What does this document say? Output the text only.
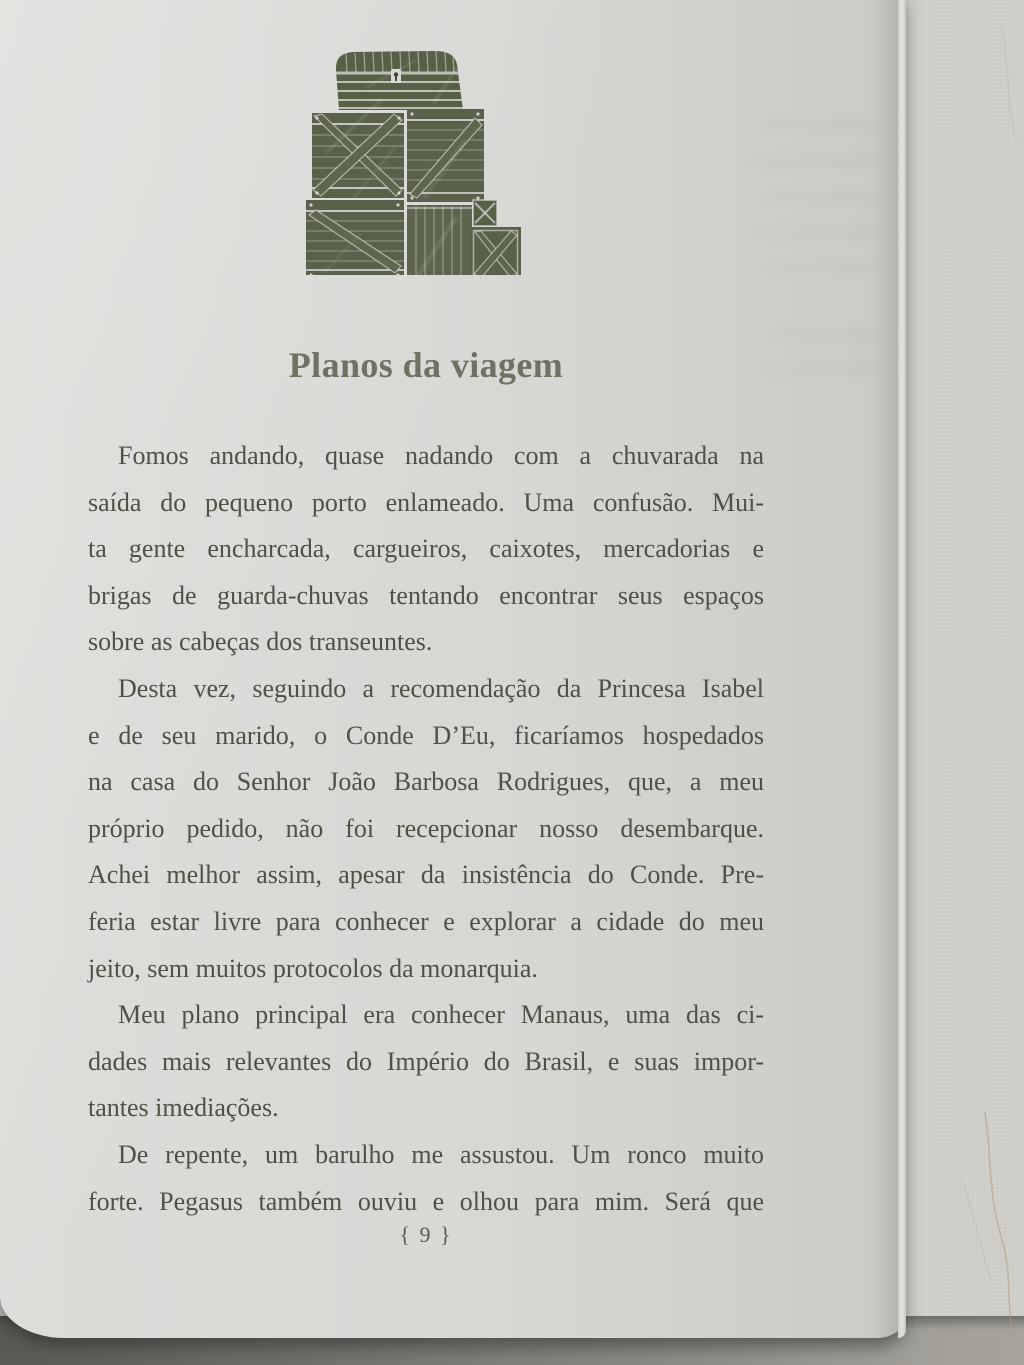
Planos da viagem
Fomos andando, quase nadando com a chuvarada na
saída do pequeno porto enlameado. Uma confusão. Mui-
ta gente encharcada, cargueiros, caixotes, mercadorias e
brigas de guarda-chuvas tentando encontrar seus espaços
sobre as cabeças dos transeuntes.
Desta vez, seguindo a recomendação da Princesa Isabel
e de seu marido, o Conde D’Eu, ficaríamos hospedados
na casa do Senhor João Barbosa Rodrigues, que, a meu
próprio pedido, não foi recepcionar nosso desembarque.
Achei melhor assim, apesar da insistência do Conde. Pre-
feria estar livre para conhecer e explorar a cidade do meu
jeito, sem muitos protocolos da monarquia.
Meu plano principal era conhecer Manaus, uma das ci-
dades mais relevantes do Império do Brasil, e suas impor-
tantes imediações.
De repente, um barulho me assustou. Um ronco muito
forte. Pegasus também ouviu e olhou para mim. Será que
{ 9 }
